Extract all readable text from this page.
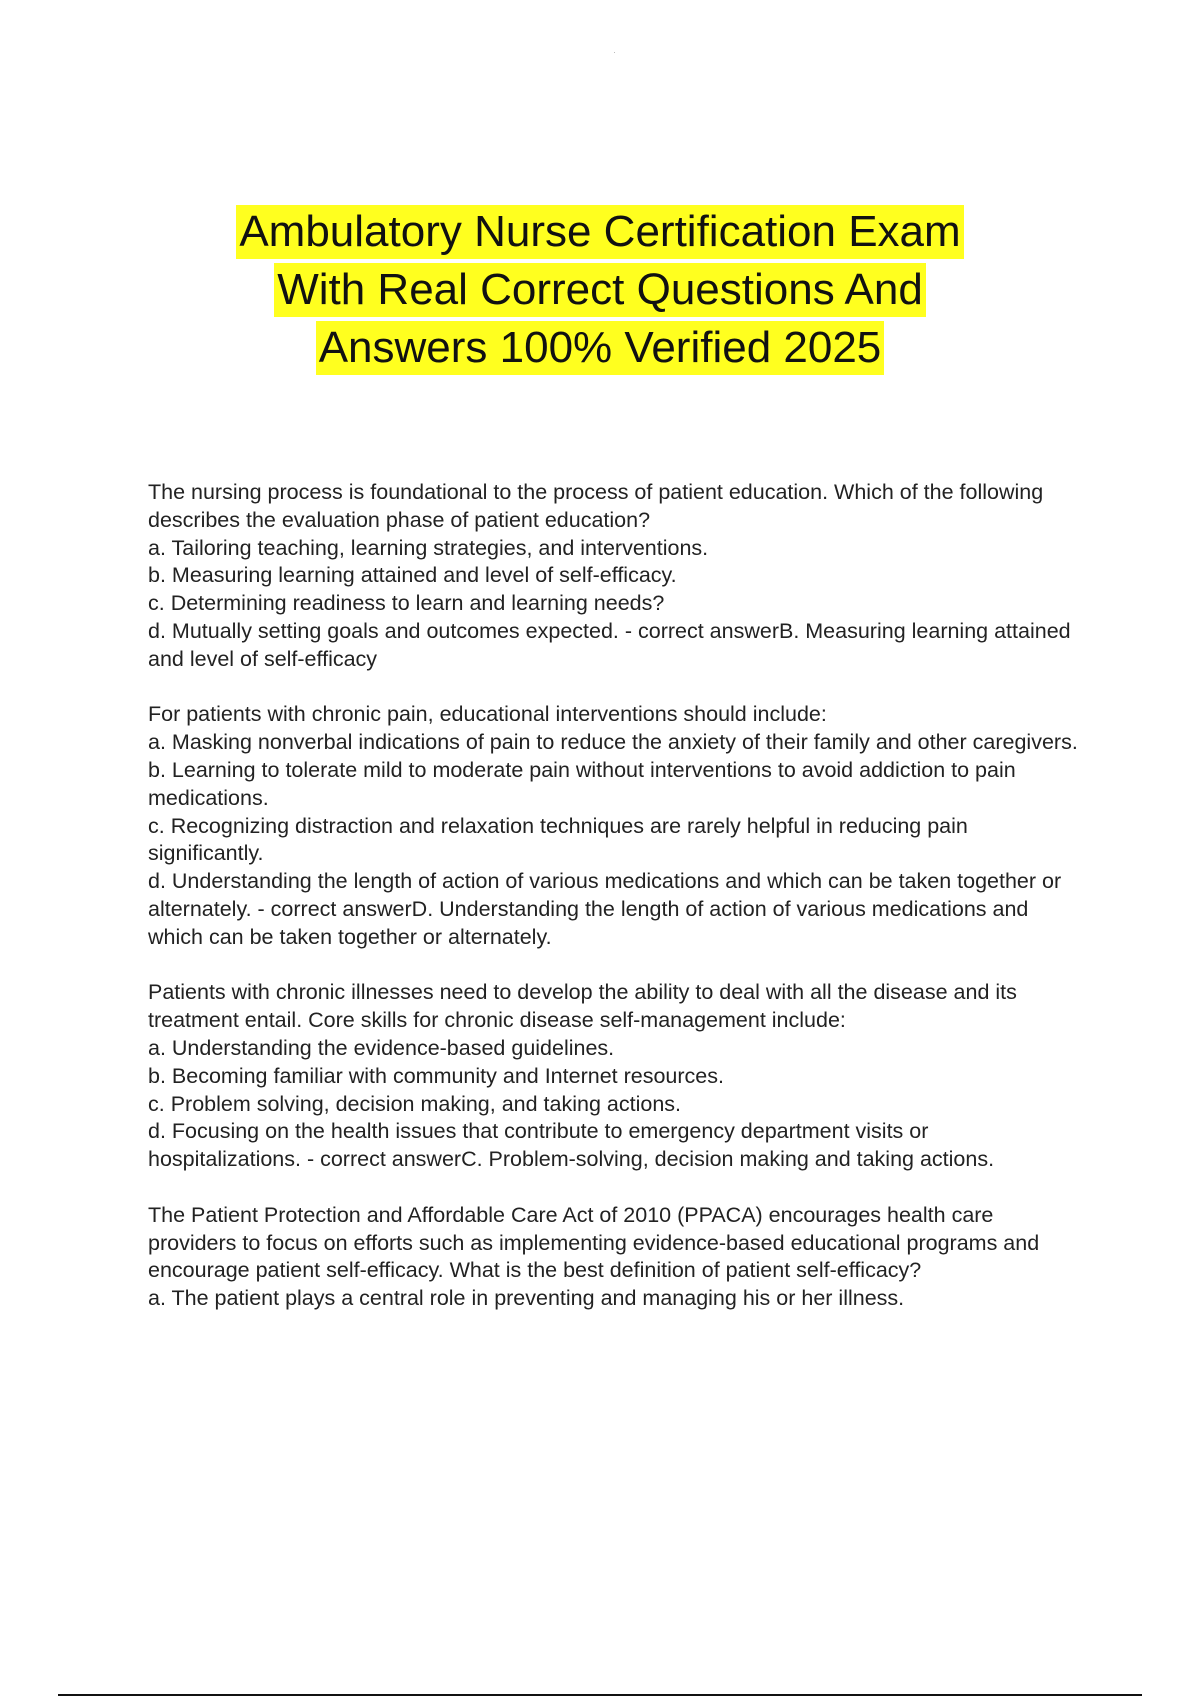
Ambulatory Nurse Certification Exam
With Real Correct Questions And
Answers 100% Verified 2025

The nursing process is foundational to the process of patient education. Which of the following describes the evaluation phase of patient education?

a. Tailoring teaching, learning strategies, and interventions.

b. Measuring learning attained and level of self-efficacy.

c. Determining readiness to learn and learning needs?

d. Mutually setting goals and outcomes expected. - correct answerB. Measuring learning attained and level of self-efficacy

For patients with chronic pain, educational interventions should include:

a. Masking nonverbal indications of pain to reduce the anxiety of their family and other caregivers.

b. Learning to tolerate mild to moderate pain without interventions to avoid addiction to pain medications.

c. Recognizing distraction and relaxation techniques are rarely helpful in reducing pain significantly.

d. Understanding the length of action of various medications and which can be taken together or alternately. - correct answerD. Understanding the length of action of various medications and which can be taken together or alternately.

Patients with chronic illnesses need to develop the ability to deal with all the disease and its treatment entail. Core skills for chronic disease self-management include:

a. Understanding the evidence-based guidelines.

b. Becoming familiar with community and Internet resources.

c. Problem solving, decision making, and taking actions.

d. Focusing on the health issues that contribute to emergency department visits or hospitalizations. - correct answerC. Problem-solving, decision making and taking actions.

The Patient Protection and Affordable Care Act of 2010 (PPACA) encourages health care providers to focus on efforts such as implementing evidence-based educational programs and encourage patient self-efficacy. What is the best definition of patient self-efficacy?

a. The patient plays a central role in preventing and managing his or her illness.
